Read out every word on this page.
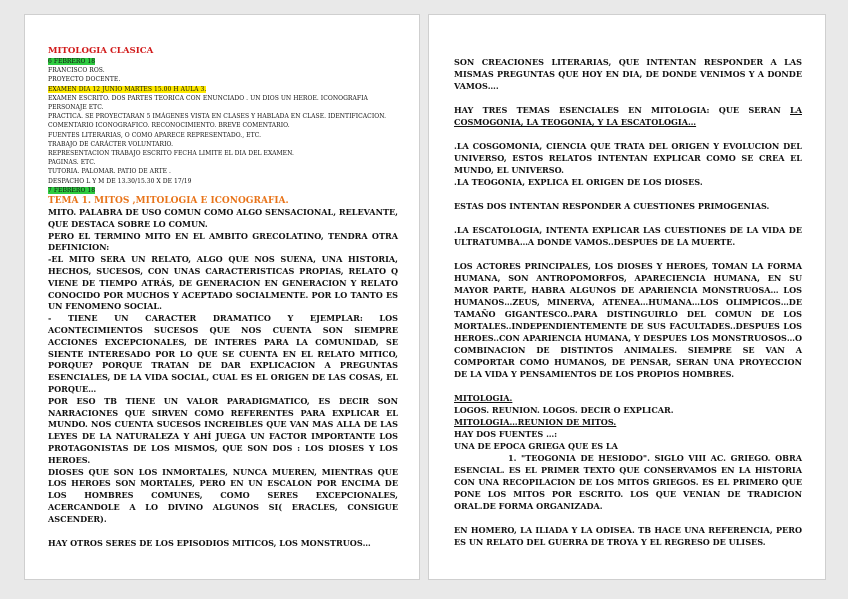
MITOLOGIA CLASICA
6 FEBRERO 18
FRANCISCO ROS.
PROYECTO DOCENTE.
EXAMEN DIA 12 JUNIO MARTES 15.00 H AULA 3.
EXAMEN ESCRITO. DOS PARTES TEORICA CON ENUNCIADO . UN DIOS UN HEROE. ICONOGRAFIA PERSONAJE ETC.
PRACTICA. SE PROYECTARAN 5 IMÁGENES VISTA EN CLASES Y HABLADA EN CLASE. IDENTIFICACION. COMENTARIO ICONOGRAFICO. RECONOCIMIENTO. BREVE COMENTARIO.
FUENTES LITERARIAS, O COMO APARECE REPRESENTADO., ETC.
TRABAJO DE CARÁCTER VOLUNTARIO.
REPRESENTACION TRABAJO ESCRITO FECHA LIMITE EL DIA DEL EXAMEN.
PAGINAS. ETC.
TUTORIA. PALOMAR. PATIO DE ARTE .
DESPACHO L Y M DE 13.30/15.30 X DE 17/19
7 FEBRERO 18
TEMA 1. MITOS ,MITOLOGIA E ICONOGRAFIA.

MITO. PALABRA DE USO COMUN COMO ALGO SENSACIONAL, RELEVANTE, QUE DESTACA SOBRE LO COMUN.

PERO EL TERMINO MITO EN EL AMBITO GRECOLATINO, TENDRA OTRA DEFINICION:

-EL MITO SERA UN RELATO, ALGO QUE NOS SUENA, UNA HISTORIA, HECHOS, SUCESOS, CON UNAS CARACTERISTICAS PROPIAS, RELATO Q VIENE DE TIEMPO ATRÁS, DE GENERACION EN GENERACION Y RELATO CONOCIDO POR MUCHOS Y ACEPTADO SOCIALMENTE. POR LO TANTO ES UN FENOMENO SOCIAL.

- TIENE UN CARACTER DRAMATICO Y EJEMPLAR: LOS ACONTECIMIENTOS SUCESOS QUE NOS CUENTA SON SIEMPRE ACCIONES EXCEPCIONALES, DE INTERES PARA LA COMUNIDAD, SE SIENTE INTERESADO POR LO QUE SE CUENTA EN EL RELATO MITICO, PORQUE? PORQUE TRATAN DE DAR EXPLICACION A PREGUNTAS ESENCIALES, DE LA VIDA SOCIAL, CUAL ES EL ORIGEN DE LAS COSAS, EL PORQUE…

POR ESO TB TIENE UN VALOR PARADIGMATICO, ES DECIR SON NARRACIONES QUE SIRVEN COMO REFERENTES PARA EXPLICAR EL MUNDO. NOS CUENTA SUCESOS INCREIBLES QUE VAN MAS ALLA DE LAS LEYES DE LA NATURALEZA Y AHÍ JUEGA UN FACTOR IMPORTANTE LOS PROTAGONISTAS DE LOS MISMOS, QUE SON DOS : LOS DIOSES Y LOS HEROES.

DIOSES QUE SON LOS INMORTALES, NUNCA MUEREN, MIENTRAS QUE LOS HEROES SON MORTALES, PERO EN UN ESCALON POR ENCIMA DE LOS HOMBRES COMUNES, COMO SERES EXCEPCIONALES, ACERCANDOLE A LO DIVINO ALGUNOS SI( ERACLES, CONSIGUE ASCENDER).

HAY OTROS SERES DE LOS EPISODIOS MITICOS, LOS MONSTRUOS…

SON CREACIONES LITERARIAS, QUE INTENTAN RESPONDER A LAS MISMAS PREGUNTAS QUE HOY EN DIA, DE DONDE VENIMOS Y A DONDE VAMOS….

HAY TRES TEMAS ESENCIALES EN MITOLOGIA: QUE SERAN LA COSMOGONIA, LA TEOGONIA, Y LA ESCATOLOGIA…

.LA COSGOMONIA, CIENCIA QUE TRATA DEL ORIGEN Y EVOLUCION DEL UNIVERSO, ESTOS RELATOS INTENTAN EXPLICAR COMO SE CREA EL MUNDO, EL UNIVERSO.

.LA TEOGONIA, EXPLICA EL ORIGEN DE LOS DIOSES.

ESTAS DOS INTENTAN RESPONDER A CUESTIONES PRIMOGENIAS.

.LA ESCATOLOGIA, INTENTA EXPLICAR LAS CUESTIONES DE LA VIDA DE ULTRATUMBA…A DONDE VAMOS..DESPUES DE LA MUERTE.

LOS ACTORES PRINCIPALES, LOS DIOSES Y HEROES, TOMAN LA FORMA HUMANA, SON ANTROPOMORFOS, APARECIENCIA HUMANA, EN SU MAYOR PARTE, HABRA ALGUNOS DE APARIENCIA MONSTRUOSA… LOS HUMANOS…ZEUS, MINERVA, ATENEA…HUMANA…LOS OLIMPICOS…DE TAMAÑO GIGANTESCO..PARA DISTINGUIRLO DEL COMUN DE LOS MORTALES..INDEPENDIENTEMENTE DE SUS FACULTADES..DESPUES LOS HEROES..CON APARIENCIA HUMANA, Y DESPUES LOS MONSTRUOSOS…O COMBINACION DE DISTINTOS ANIMALES. SIEMPRE SE VAN A COMPORTAR COMO HUMANOS, DE PENSAR, SERAN UNA PROYECCION DE LA VIDA Y PENSAMIENTOS DE LOS PROPIOS HOMBRES.

MITOLOGIA.

LOGOS. REUNION. LOGOS. DECIR O EXPLICAR.

MITOLOGIA…REUNION DE MITOS.

HAY DOS FUENTES …:

UNA DE EPOCA GRIEGA QUE ES LA

1. "TEOGONIA DE HESIODO". SIGLO VIII AC. GRIEGO. OBRA ESENCIAL. ES EL PRIMER TEXTO QUE CONSERVAMOS EN LA HISTORIA CON UNA RECOPILACION DE LOS MITOS GRIEGOS. ES EL PRIMERO QUE PONE LOS MITOS POR ESCRITO. LOS QUE VENIAN DE TRADICION ORAL.DE FORMA ORGANIZADA.

EN HOMERO, LA ILIADA Y LA ODISEA. TB HACE UNA REFERENCIA, PERO ES UN RELATO DEL GUERRA DE TROYA Y EL REGRESO DE ULISES.
